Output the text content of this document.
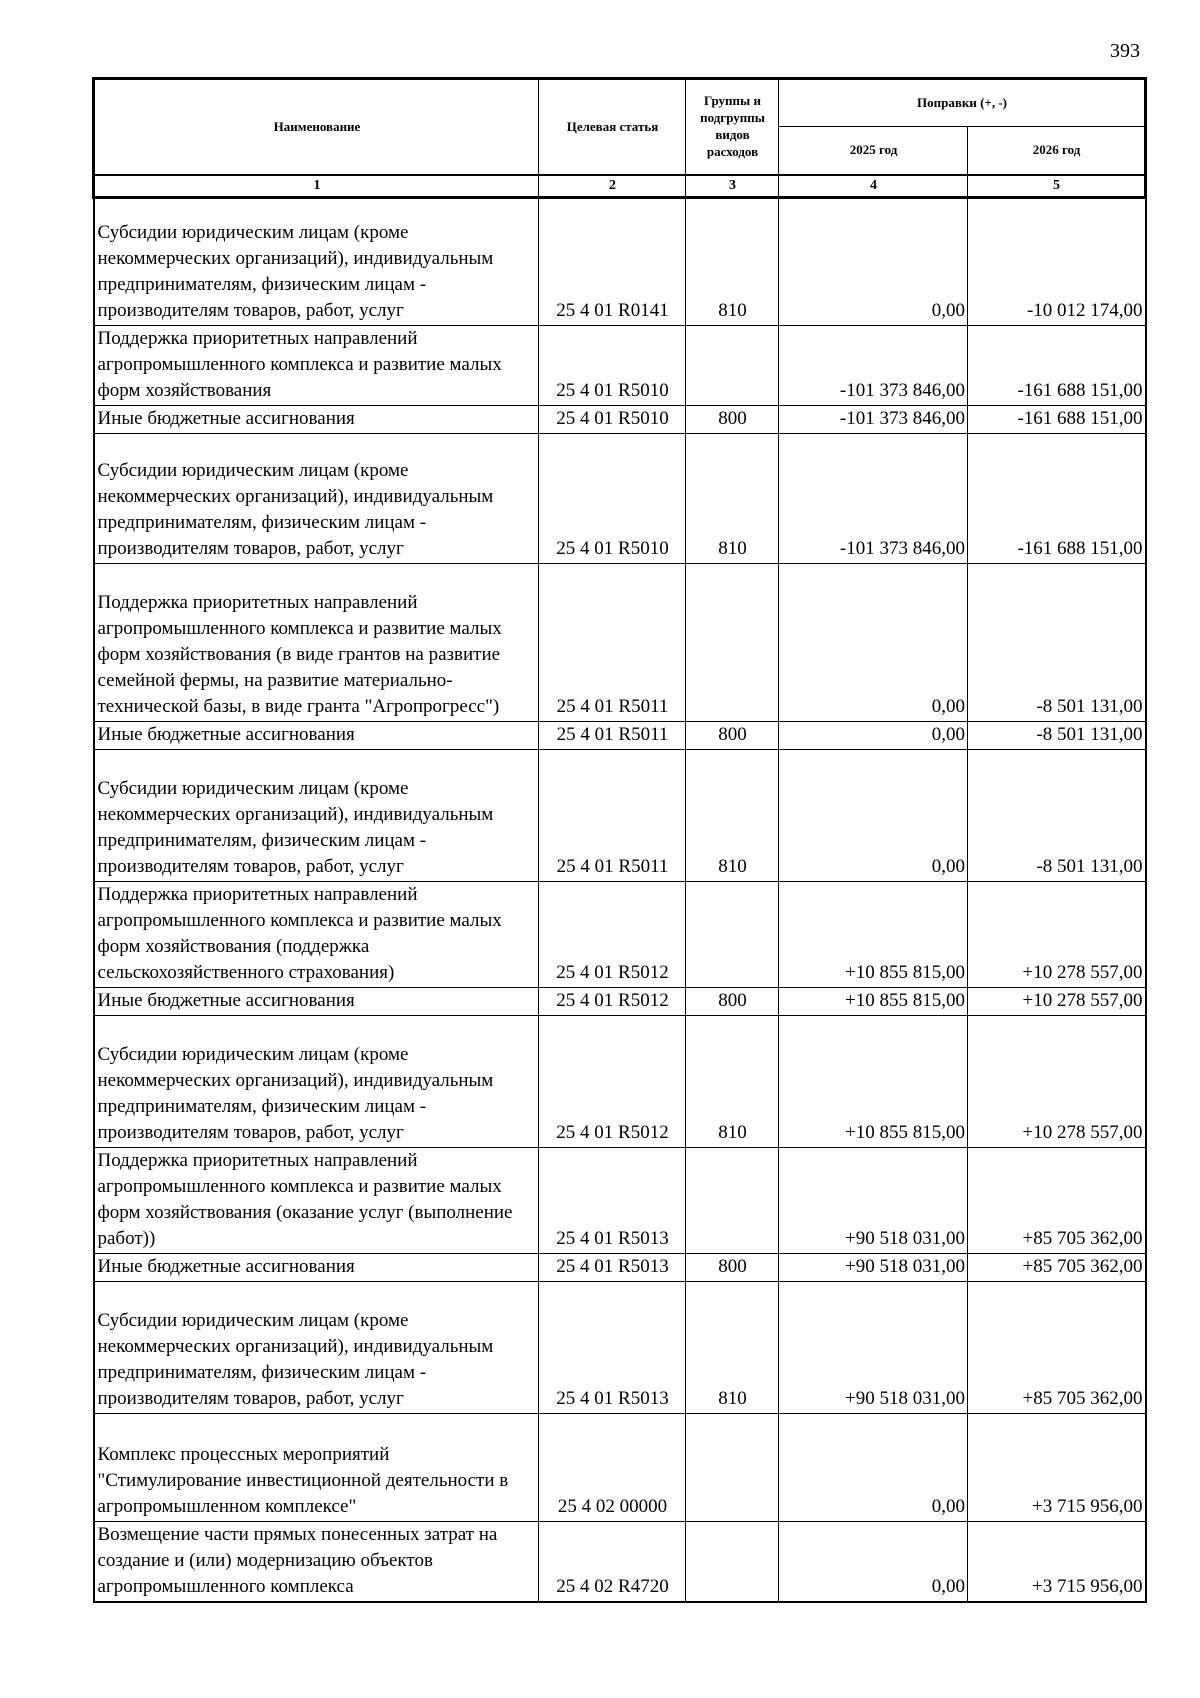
393
Наименование	Целевая статья	Группы и подгруппы видов расходов	Поправки (+, -)	
			2025 год	2026 год
1	2	3	4	5
Субсидии юридическим лицам (кроме некоммерческих организаций), индивидуальным предпринимателям, физическим лицам - производителям товаров, работ, услуг	25 4 01 R0141	810	0,00	-10 012 174,00
Поддержка приоритетных направлений агропромышленного комплекса и развитие малых форм хозяйствования	25 4 01 R5010		-101 373 846,00	-161 688 151,00
Иные бюджетные ассигнования	25 4 01 R5010	800	-101 373 846,00	-161 688 151,00
Субсидии юридическим лицам (кроме некоммерческих организаций), индивидуальным предпринимателям, физическим лицам - производителям товаров, работ, услуг	25 4 01 R5010	810	-101 373 846,00	-161 688 151,00
Поддержка приоритетных направлений агропромышленного комплекса и развитие малых форм хозяйствования (в виде грантов на развитие семейной фермы, на развитие материально-технической базы, в виде гранта "Агропрогресс")	25 4 01 R5011		0,00	-8 501 131,00
Иные бюджетные ассигнования	25 4 01 R5011	800	0,00	-8 501 131,00
Субсидии юридическим лицам (кроме некоммерческих организаций), индивидуальным предпринимателям, физическим лицам - производителям товаров, работ, услуг	25 4 01 R5011	810	0,00	-8 501 131,00
Поддержка приоритетных направлений агропромышленного комплекса и развитие малых форм хозяйствования (поддержка сельскохозяйственного страхования)	25 4 01 R5012		+10 855 815,00	+10 278 557,00
Иные бюджетные ассигнования	25 4 01 R5012	800	+10 855 815,00	+10 278 557,00
Субсидии юридическим лицам (кроме некоммерческих организаций), индивидуальным предпринимателям, физическим лицам - производителям товаров, работ, услуг	25 4 01 R5012	810	+10 855 815,00	+10 278 557,00
Поддержка приоритетных направлений агропромышленного комплекса и развитие малых форм хозяйствования (оказание услуг (выполнение работ))	25 4 01 R5013		+90 518 031,00	+85 705 362,00
Иные бюджетные ассигнования	25 4 01 R5013	800	+90 518 031,00	+85 705 362,00
Субсидии юридическим лицам (кроме некоммерческих организаций), индивидуальным предпринимателям, физическим лицам - производителям товаров, работ, услуг	25 4 01 R5013	810	+90 518 031,00	+85 705 362,00
Комплекс процессных мероприятий "Стимулирование инвестиционной деятельности в агропромышленном комплексе"	25 4 02 00000		0,00	+3 715 956,00
Возмещение части прямых понесенных затрат на создание и (или) модернизацию объектов агропромышленного комплекса	25 4 02 R4720		0,00	+3 715 956,00
